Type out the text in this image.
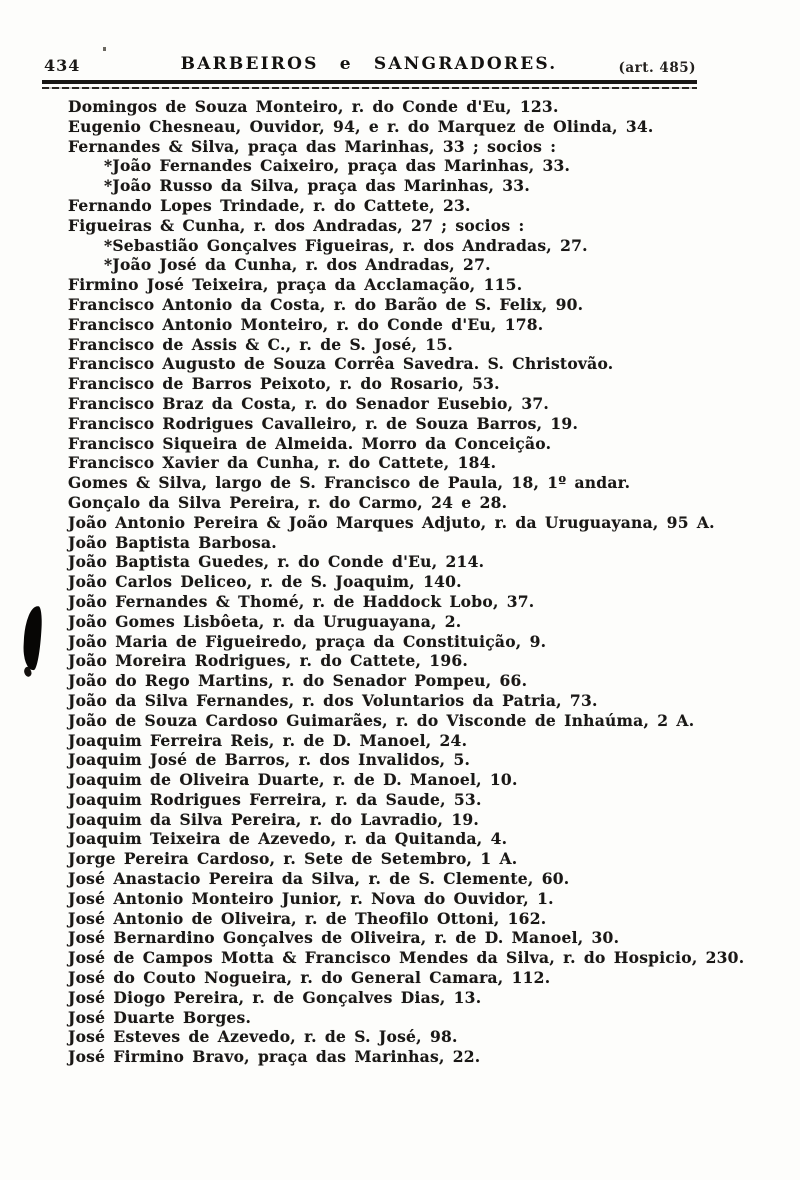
434	BARBEIROS e SANGRADORES.	(art. 485)
Domingos de Souza Monteiro, r. do Conde d'Eu, 123.
Eugenio Chesneau, Ouvidor, 94, e r. do Marquez de Olinda, 34.
Fernandes & Silva, praça das Marinhas, 33 ; socios :
*João Fernandes Caixeiro, praça das Marinhas, 33.
*João Russo da Silva, praça das Marinhas, 33.
Fernando Lopes Trindade, r. do Cattete, 23.
Figueiras & Cunha, r. dos Andradas, 27 ; socios :
*Sebastião Gonçalves Figueiras, r. dos Andradas, 27.
*João José da Cunha, r. dos Andradas, 27.
Firmino José Teixeira, praça da Acclamação, 115.
Francisco Antonio da Costa, r. do Barão de S. Felix, 90.
Francisco Antonio Monteiro, r. do Conde d'Eu, 178.
Francisco de Assis & C., r. de S. José, 15.
Francisco Augusto de Souza Corrêa Savedra. S. Christovão.
Francisco de Barros Peixoto, r. do Rosario, 53.
Francisco Braz da Costa, r. do Senador Eusebio, 37.
Francisco Rodrigues Cavalleiro, r. de Souza Barros, 19.
Francisco Siqueira de Almeida. Morro da Conceição.
Francisco Xavier da Cunha, r. do Cattete, 184.
Gomes & Silva, largo de S. Francisco de Paula, 18, 1º andar.
Gonçalo da Silva Pereira, r. do Carmo, 24 e 28.
João Antonio Pereira & João Marques Adjuto, r. da Uruguayana, 95 A.
João Baptista Barbosa.
João Baptista Guedes, r. do Conde d'Eu, 214.
João Carlos Deliceo, r. de S. Joaquim, 140.
João Fernandes & Thomé, r. de Haddock Lobo, 37.
João Gomes Lisbôeta, r. da Uruguayana, 2.
João Maria de Figueiredo, praça da Constituição, 9.
João Moreira Rodrigues, r. do Cattete, 196.
João do Rego Martins, r. do Senador Pompeu, 66.
João da Silva Fernandes, r. dos Voluntarios da Patria, 73.
João de Souza Cardoso Guimarães, r. do Visconde de Inhaúma, 2 A.
Joaquim Ferreira Reis, r. de D. Manoel, 24.
Joaquim José de Barros, r. dos Invalidos, 5.
Joaquim de Oliveira Duarte, r. de D. Manoel, 10.
Joaquim Rodrigues Ferreira, r. da Saude, 53.
Joaquim da Silva Pereira, r. do Lavradio, 19.
Joaquim Teixeira de Azevedo, r. da Quitanda, 4.
Jorge Pereira Cardoso, r. Sete de Setembro, 1 A.
José Anastacio Pereira da Silva, r. de S. Clemente, 60.
José Antonio Monteiro Junior, r. Nova do Ouvidor, 1.
José Antonio de Oliveira, r. de Theofilo Ottoni, 162.
José Bernardino Gonçalves de Oliveira, r. de D. Manoel, 30.
José de Campos Motta & Francisco Mendes da Silva, r. do Hospicio, 230.
José do Couto Nogueira, r. do General Camara, 112.
José Diogo Pereira, r. de Gonçalves Dias, 13.
José Duarte Borges.
José Esteves de Azevedo, r. de S. José, 98.
José Firmino Bravo, praça das Marinhas, 22.
